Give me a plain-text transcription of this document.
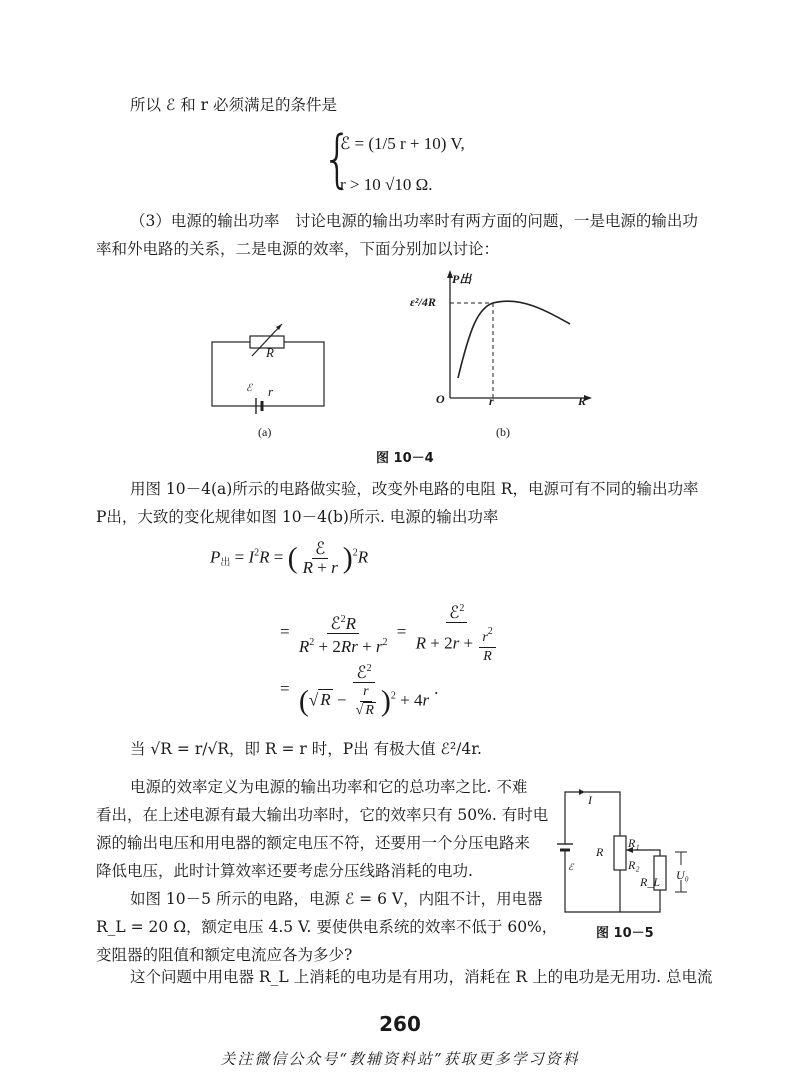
所以 ℰ 和 r 必须满足的条件是
{
ℰ = (1/5 r + 10) V,
r > 10 √10 Ω.
（3）电源的输出功率　讨论电源的输出功率时有两方面的问题，一是电源的输出功
率和外电路的关系，二是电源的效率，下面分别加以讨论：
R
ℰ r
(a)
P出
ε²/4R
O	r	R
(b)
图 10－4
用图 10－4(a)所示的电路做实验，改变外电路的电阻 R，电源可有不同的输出功率
P出，大致的变化规律如图 10－4(b)所示. 电源的输出功率
$P_出 = I^2R$ = ( $\frac{\text{ℰ}}{R + r} )^2R$
= $\frac{ℰ^2R}{R^2 + 2Rr + r^2} = \frac{ℰ^2}{R + 2r + \frac{r^2}{R}}$
= $\frac{ℰ^2}{(√ R - \frac{r}{√ R} )^2 + 4r}$ .
当 √R = r/√R，即 R = r 时，P出 有极大值 ℰ²/4r.
电源的效率定义为电源的输出功率和它的总功率之比. 不难
看出，在上述电源有最大输出功率时，它的效率只有 50%. 有时电
源的输出电压和用电器的额定电压不符，还要用一个分压电路来
降低电压，此时计算效率还要考虑分压线路消耗的电功.
如图 10－5 所示的电路，电源 ℰ = 6 V，内阻不计，用电器
R_L = 20 Ω，额定电压 4.5 V. 要使供电系统的效率不低于 60%，
变阻器的阻值和额定电流应各为多少?
I
R
R₁
R₂
R_L U₀
ℰ
图 10－5
这个问题中用电器 R_L 上消耗的电功是有用功，消耗在 R 上的电功是无用功. 总电流
260
关注微信公众号“教辅资料站”获取更多学习资料
